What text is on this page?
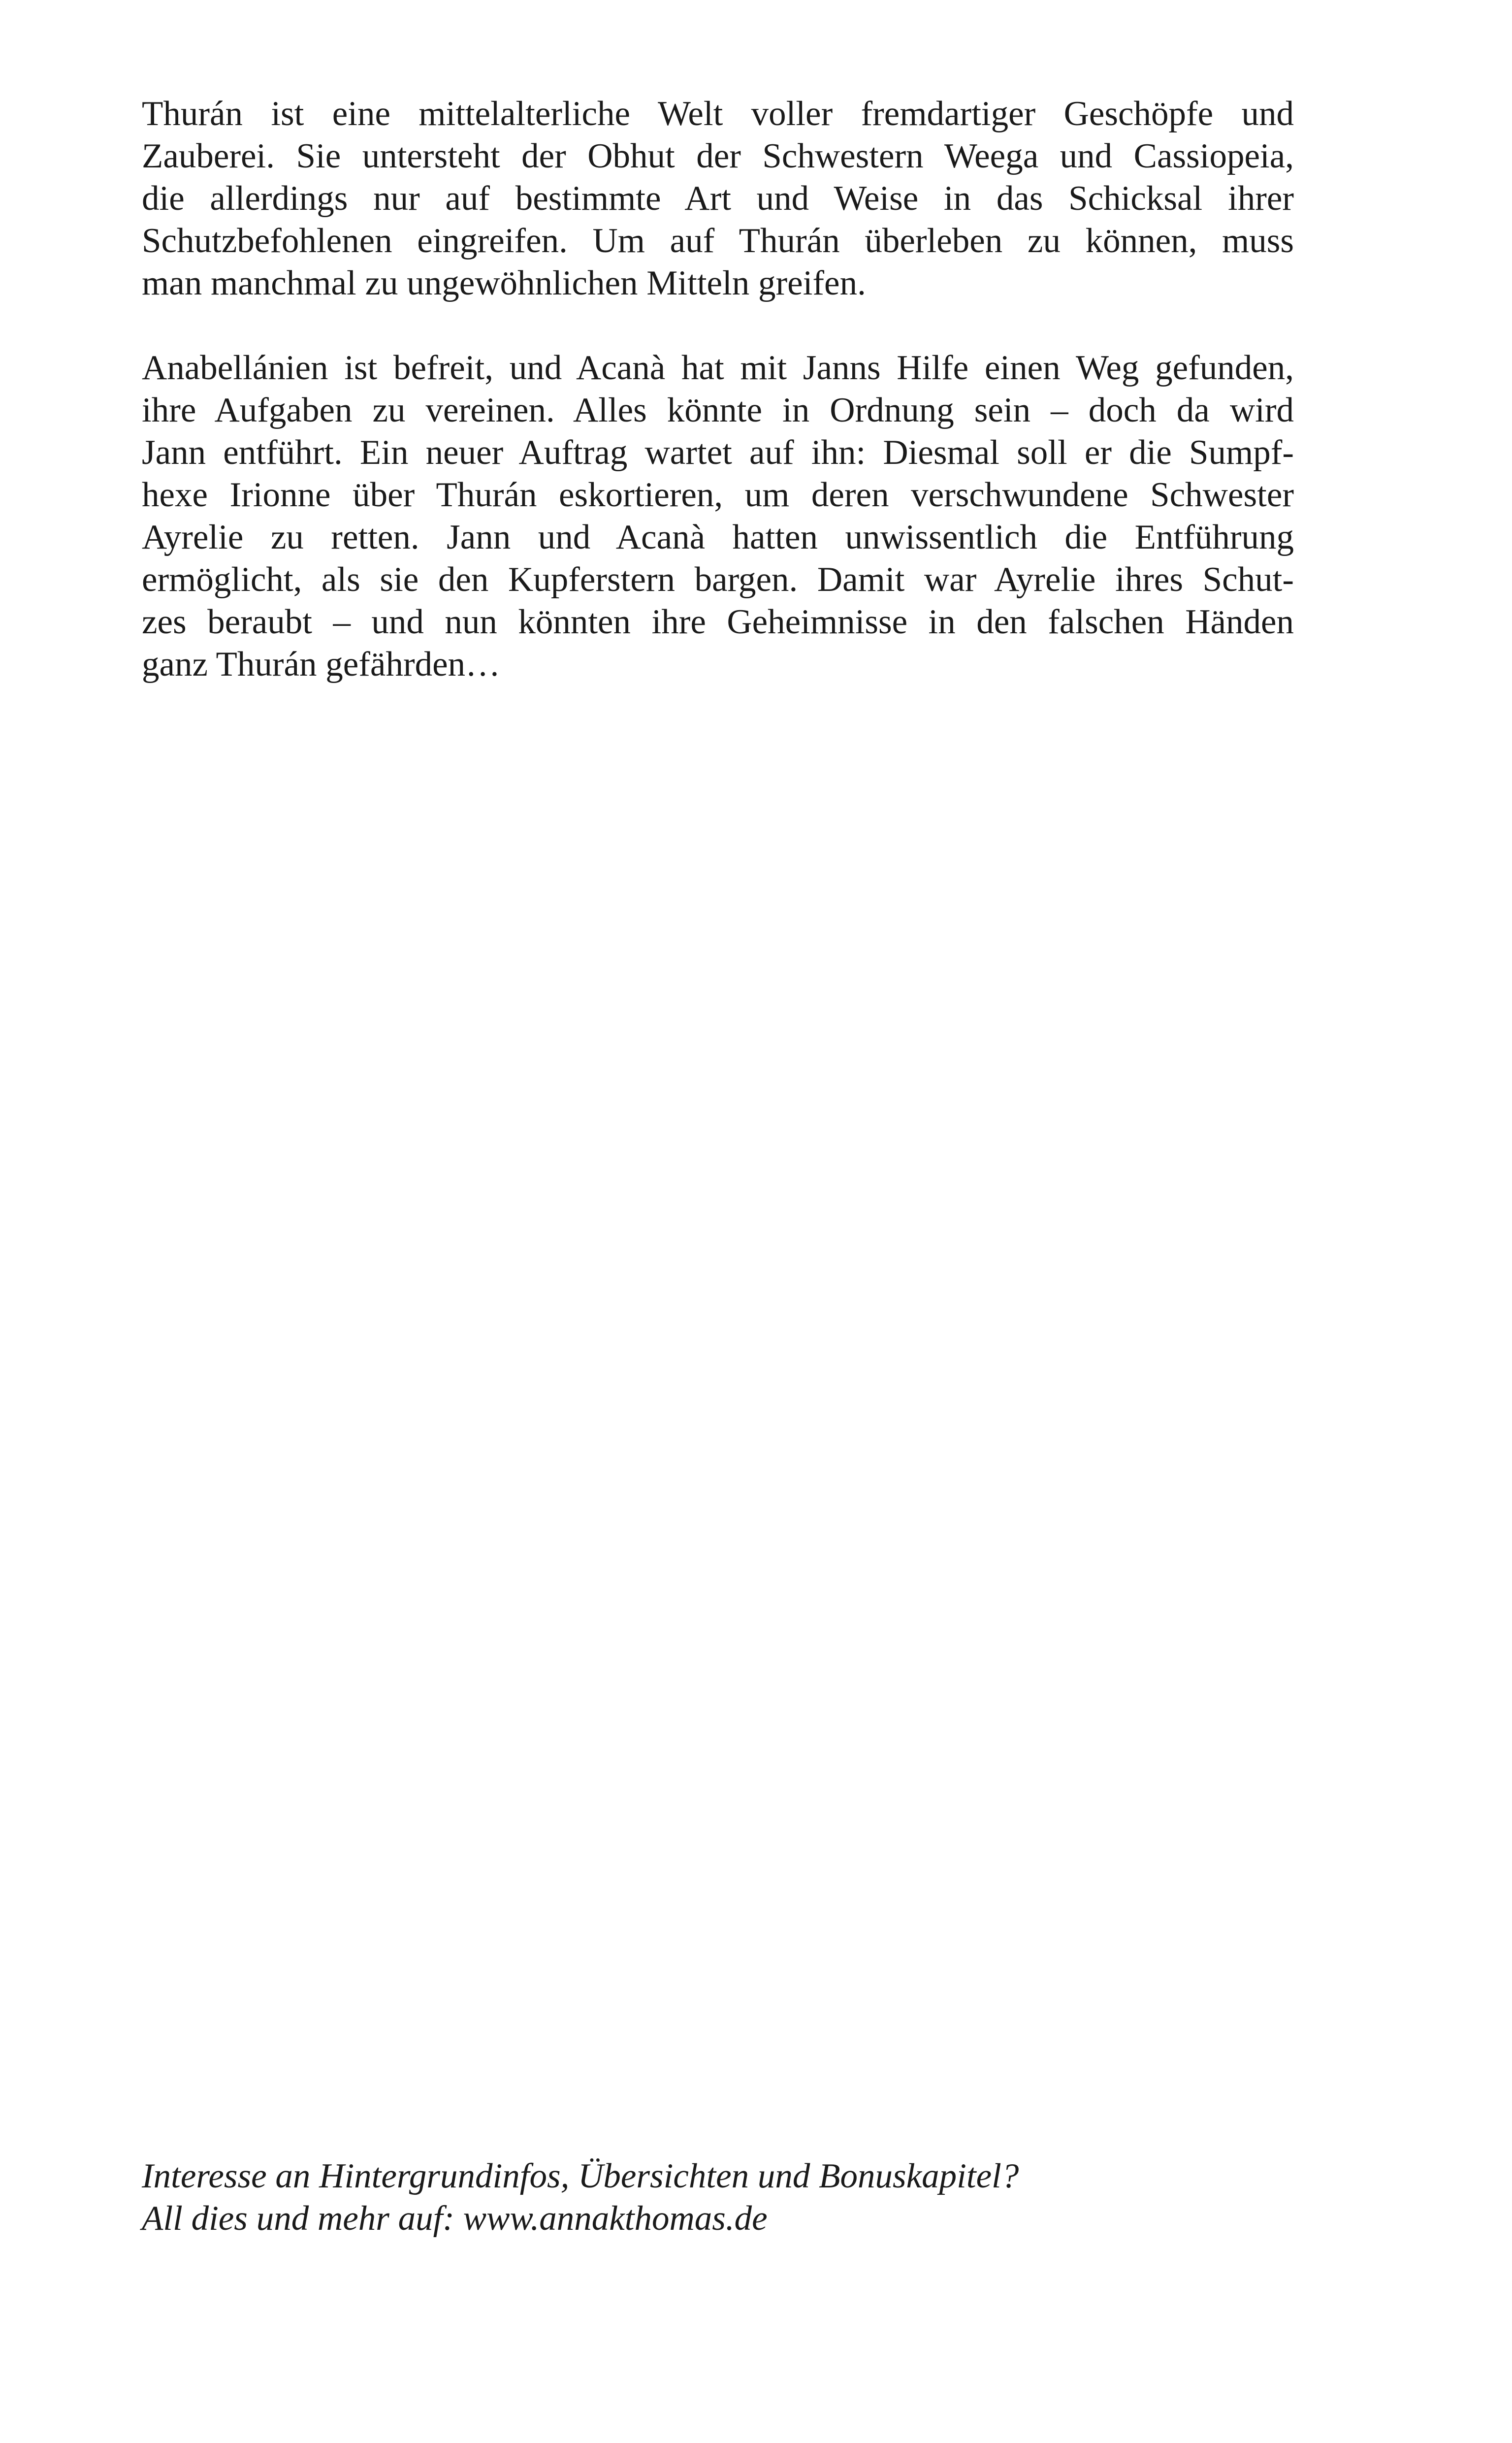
Thurán ist eine mittelalterliche Welt voller fremdartiger Geschöpfe und
Zauberei. Sie untersteht der Obhut der Schwestern Weega und Cassiopeia,
die allerdings nur auf bestimmte Art und Weise in das Schicksal ihrer
Schutzbefohlenen eingreifen. Um auf Thurán überleben zu können, muss
man manchmal zu ungewöhnlichen Mitteln greifen.

Anabellánien ist befreit, und Acanà hat mit Janns Hilfe einen Weg gefunden,
ihre Aufgaben zu vereinen. Alles könnte in Ordnung sein – doch da wird
Jann entführt. Ein neuer Auftrag wartet auf ihn: Diesmal soll er die Sumpf-
hexe Irionne über Thurán eskortieren, um deren verschwundene Schwester
Ayrelie zu retten. Jann und Acanà hatten unwissentlich die Entführung
ermöglicht, als sie den Kupferstern bargen. Damit war Ayrelie ihres Schut-
zes beraubt – und nun könnten ihre Geheimnisse in den falschen Händen
ganz Thurán gefährden…

Interesse an Hintergrundinfos, Übersichten und Bonuskapitel?
All dies und mehr auf: www.annakthomas.de
